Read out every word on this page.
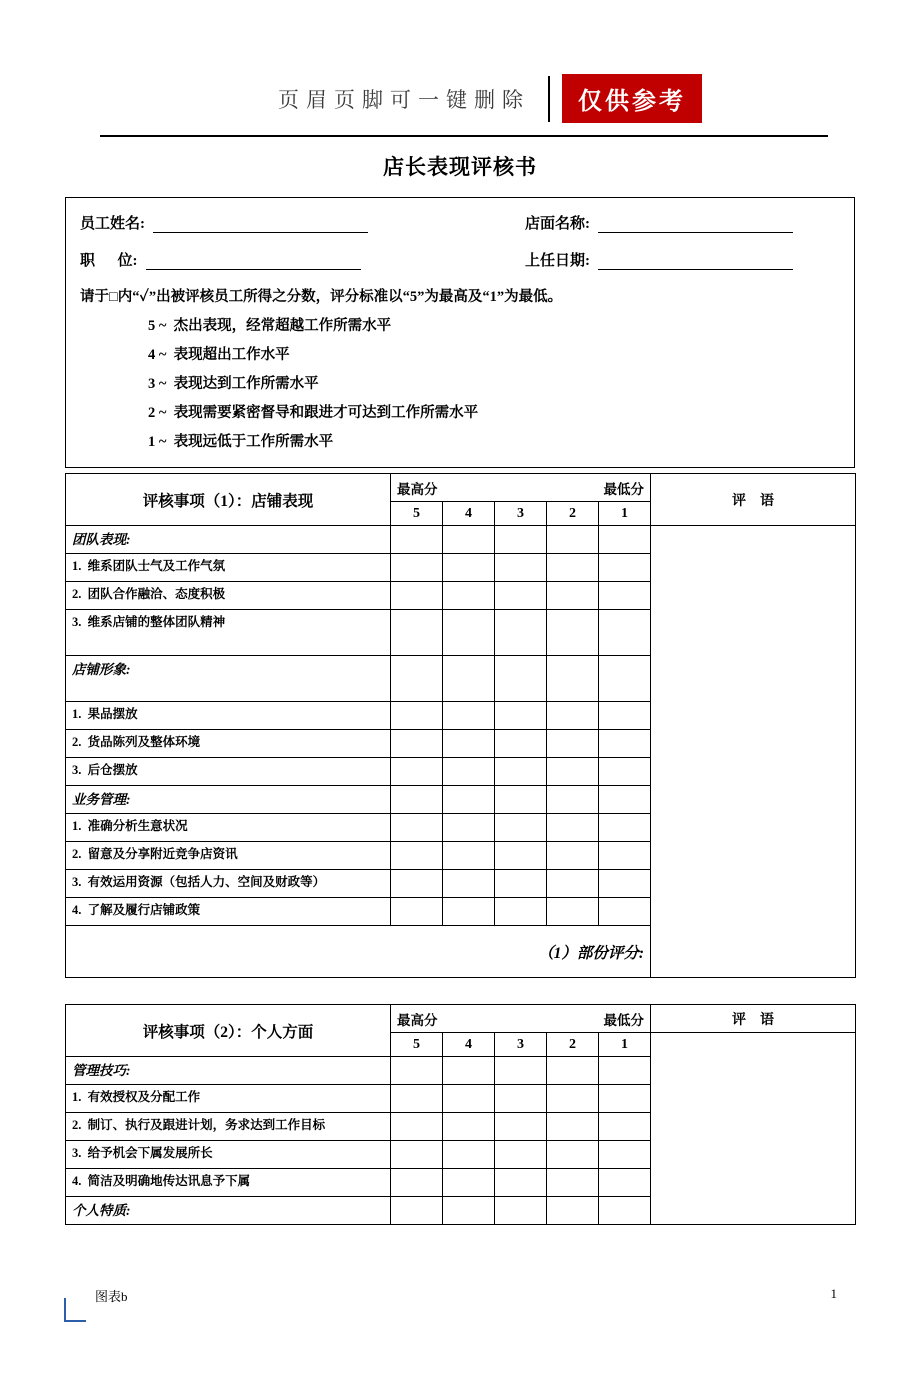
页眉页脚可一键删除	仅供参考
店长表现评核书
员工姓名:	店面名称:
职      位:	上任日期:
请于□内“✓”出被评核员工所得之分数，评分标准以“5”为最高及“1”为最低。
5 ~  杰出表现，经常超越工作所需水平
4 ~  表现超出工作水平
3 ~  表现达到工作所需水平
2 ~  表现需要紧密督导和跟进才可达到工作所需水平
1 ~  表现远低于工作所需水平
评核事项（1）：店铺表现	最高分 最低分					评    语
	5	4	3	2	1	
团队表现:						
1.  维系团队士气及工作气氛						
2.  团队合作融洽、态度积极						
3.  维系店铺的整体团队精神						
店铺形象:						
1.  果品摆放						
2.  货品陈列及整体环境						
3.  后仓摆放						
业务管理:						
1.  准确分析生意状况						
2.  留意及分享附近竞争店资讯						
3.  有效运用资源（包括人力、空间及财政等）						
4.  了解及履行店铺政策						
（1）部份评分:						
评核事项（2）：个人方面	最高分 最低分					评    语
	5	4	3	2	1	
管理技巧:						
1.  有效授权及分配工作						
2.  制订、执行及跟进计划，务求达到工作目标						
3.  给予机会下属发展所长						
4.  简洁及明确地传达讯息予下属						
个人特质:						
图表b	1
